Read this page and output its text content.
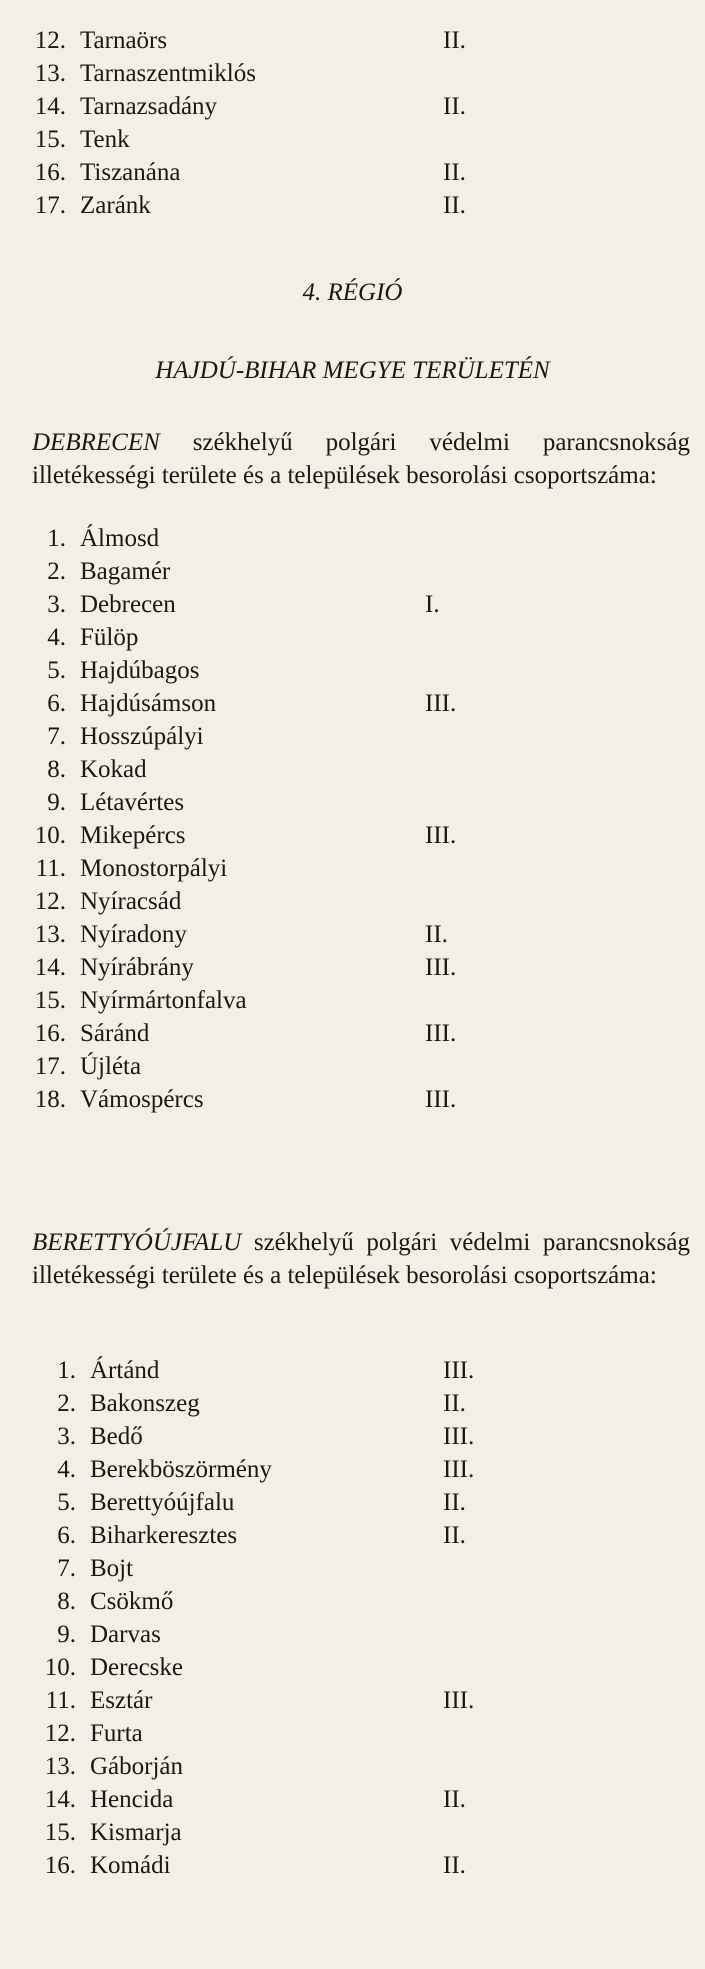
12. Tarnaörs	II.
13. Tarnaszentmiklós
14. Tarnazsadány	II.
15. Tenk
16. Tiszanána	II.
17. Zaránk	II.
4. RÉGIÓ
HAJDÚ-BIHAR MEGYE TERÜLETÉN

DEBRECEN székhelyű polgári védelmi parancsnokság illetékességi területe és a települések besorolási csoportszáma:

1. Álmosd
2. Bagamér
3. Debrecen	I.
4. Fülöp
5. Hajdúbagos
6. Hajdúsámson	III.
7. Hosszúpályi
8. Kokad
9. Létavértes
10. Mikepércs	III.
11. Monostorpályi
12. Nyíracsád
13. Nyíradony	II.
14. Nyírábrány	III.
15. Nyírmártonfalva
16. Sáránd	III.
17. Újléta
18. Vámospércs	III.

BERETTYÓÚJFALU székhelyű polgári védelmi parancsnokság illetékességi területe és a települések besorolási csoportszáma:

1. Ártánd	III.
2. Bakonszeg	II.
3. Bedő	III.
4. Berekböszörmény	III.
5. Berettyóújfalu	II.
6. Biharkeresztes	II.
7. Bojt
8. Csökmő
9. Darvas
10. Derecske
11. Esztár	III.
12. Furta
13. Gáborján
14. Hencida	II.
15. Kismarja
16. Komádi	II.
